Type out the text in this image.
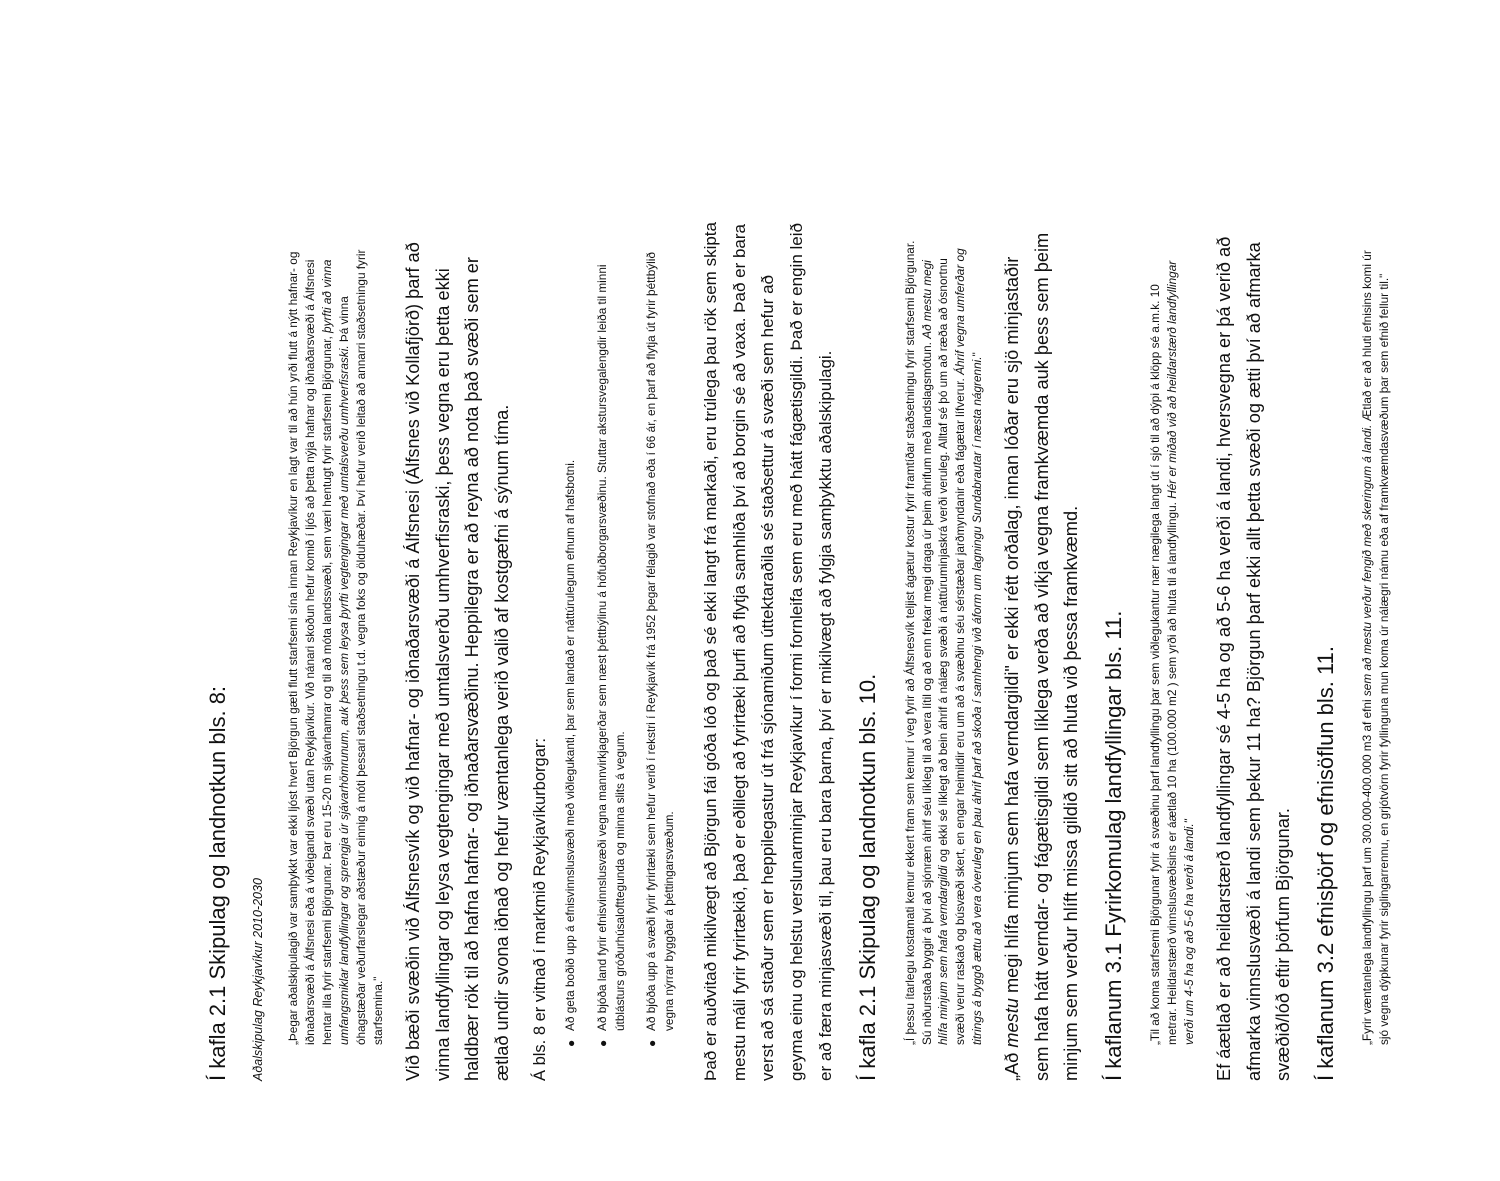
Í kafla 2.1 Skipulag og landnotkun bls. 8: Aðalskipulag Reykjavíkur 2010-2030 „Þegar aðalskipulagið var samþykkt var ekki ljóst hvert Björgun gæti flutt starfsemi sína innan Reykjavíkur en lagt var til að hún yrði flutt á nýtt hafnar- og iðnaðarsvæði á Álfsnesi eða á viðeigandi svæði utan Reykjavíkur. Við nánari skoðun hefur komið í ljós að þetta nýja hafnar og iðnaðarsvæði á Álfsnesi hentar illa fyrir starfsemi Björgunar. Þar eru 15-20 m sjávarhamrar og til að móta landssvæði, sem væri hentugt fyrir starfsemi Björgunar, þyrfti að vinna umfangsmiklar landfyllingar og sprengja úr sjávarhömrunum, auk þess sem leysa þyrfti vegtengingar með umtalsverðu umhverfisraski. Þá vinna óhagstæðar veðurfarslegar aðstæður einnig á móti þessari staðsetningu t.d. vegna foks og ölduhæðar. Því hefur verið leitað að annarri staðsetningu fyrir starfsemina." Við bæði svæðin við Álfsnesvík og við hafnar- og iðnaðarsvæði á Álfsnesi (Álfsnes við Kollafjörð) þarf að vinna landfyllingar og leysa vegtengingar með umtalsverðu umhverfisraski, þess vegna eru þetta ekki haldbær rök til að hafna hafnar- og iðnaðarsvæðinu. Heppilegra er að reyna að nota það svæði sem er ætlað undir svona iðnað og hefur væntanlega verið valið af kostgæfni á sýnum tíma.	Á bls. 8 er vitnað í markmið Reykjavíkurborgar: ●
Að geta boðið upp á efnisvinnslusvæði með viðlegukanti, þar sem landað er náttúrulegum efnum af hafsbotni.
●
Að bjóða land fyrir efnisvinnslusvæði vegna mannvirkjagerðar sem næst þéttbýlinu á höfuðborgarsvæðinu. Stuttar akstursvegalengdir leiða til minni útblásturs gróðurhúsalofttegunda og minna slits á vegum.
●
Að bjóða upp á svæði fyrir fyrirtæki sem hefur verið í rekstri í Reykjavík frá 1952 þegar félagið var stofnað eða í 66 ár, en þarf að flytja út fyrir þéttbýlið vegna nýrrar byggðar á þéttingarsvæðum. Það er auðvitað mikilvægt að Björgun fái góða lóð og það sé ekki langt frá markaði, eru trúlega þau rök sem skipta mestu máli fyrir fyrirtækið, það er eðlilegt að fyrirtæki þurfi að flytja samhliða því að borgin sé að vaxa. Það er bara verst að sá staður sem er heppilegastur út frá sjónamiðum úttektaraðila sé staðsettur á svæði sem hefur að geyma einu og helstu verslunarminjar Reykjavíkur í formi fornleifa sem eru með hátt fágætisgildi. Það er engin leið er að færa minjasvæði til, þau eru bara þarna, því er mikilvægt að fylgja samþykktu aðalskipulagi. Í kafla 2.1 Skipulag og landnotkun bls. 10. „Í þessu ítarlegu kostamati kemur ekkert fram sem kemur í veg fyrir að Álfsnesvík teljist ágætur kostur fyrir framtíðar staðsetningu fyrir starfsemi Björgunar. Sú niðurstaða byggir á því að sjónræn áhrif séu líkleg til að vera lítil og að enn frekar megi draga úr þeim áhrifum með landslagsmótun. Að mestu megi hlífa minjum sem hafa verndargildi og ekki sé líklegt að bein áhrif á nálæg svæði á náttúruminjaskrá verði veruleg. Alltaf sé þó um að ræða að ósnortnu svæði verur raskað og búsvæði skert, en engar heimildir eru um að á svæðinu séu sérstæðar jarðmyndanir eða fágætar lífverur. Áhrif vegna umferðar og titrings á byggð ættu að vera óveruleg en þau áhrif þarf að skoða í samhengi við áform um lagningu Sundabrautar í næsta nágrenni."

„Að mestu megi hlífa minjum sem hafa verndargildi" er ekki rétt orðalag, innan lóðar eru sjö minjastaðir sem hafa hátt verndar- og fágætisgildi sem líklega verða að víkja vegna framkvæmda auk þess sem þeim minjum sem verður hlíft missa gildið sitt að hluta við þessa framkvæmd. Í kaflanum 3.1 Fyrirkomulag landfyllingar bls. 11. „Til að koma starfsemi Björgunar fyrir á svæðinu þarf landfyllingu þar sem viðlegukantur nær nægilega langt út í sjó til að dýpi á klöpp sé a.m.k. 10 metrar. Heildarstærð vinnslusvæðisins er áætlað 10 ha (100.000 m2 ) sem yrði að hluta til á landfyllingu. Hér er miðað við að heildarstærð landfyllingar verði um 4-5 ha og að 5-6 ha verði á landi." Ef áætlað er að heildarstærð landfyllingar sé 4-5 ha og að 5-6 ha verði á landi, hversvegna er þá verið að afmarka vinnslusvæði á landi sem þekur 11 ha? Björgun þarf ekki allt þetta svæði og ætti því að afmarka svæðið/lóð eftir þörfum Björgunar. Í kaflanum 3.2 efnisþörf og efnisöflun bls. 11. „Fyrir væntanlega landfyllingu þarf um 300.000-400.000 m3 af efni sem að mestu verður fengið með skeringum á landi. Ætlað er að hluti efnisins komi úr sjó vegna dýpkunar fyrir siglingarrennu, en grjótvörn fyrir fyllinguna mun koma úr nálægri námu eða af framkvæmdasvæðum þar sem efnið fellur til."
